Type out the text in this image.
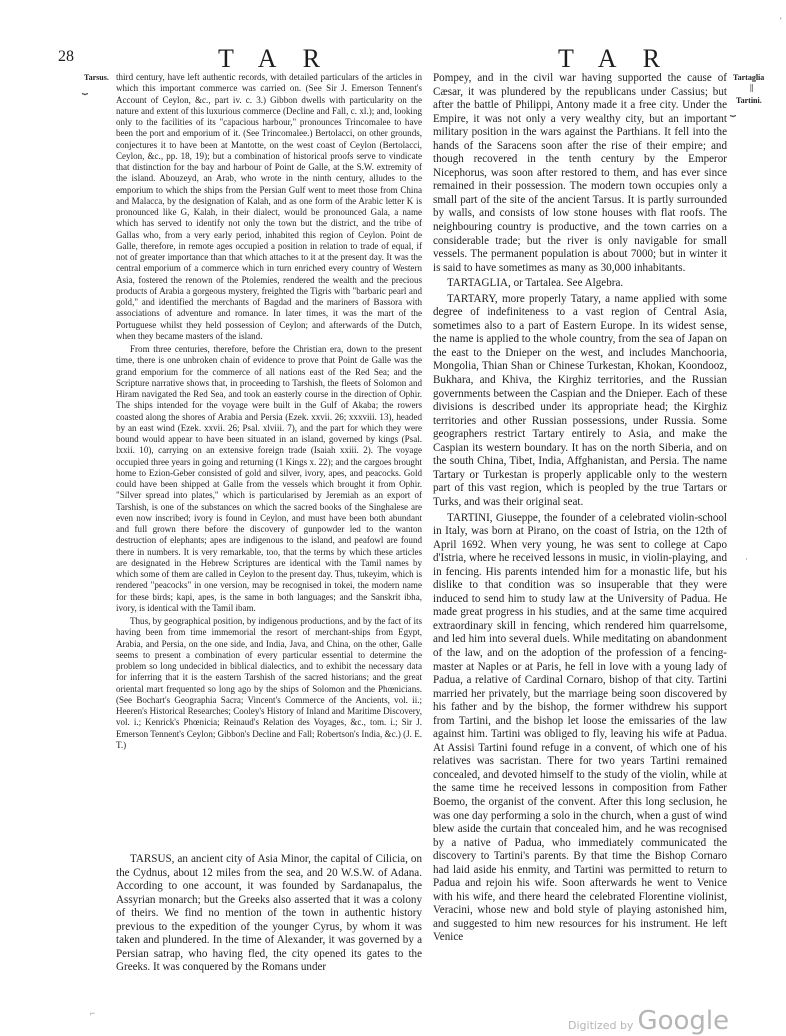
28	TAR	TAR
Tarsus.
⏟
Tartaglia
||
Tartini.
⏟

third century, have left authentic records, with detailed particulars of the articles in which this important commerce was carried on. (See Sir J. Emerson Tennent's Account of Ceylon, &c., part iv. c. 3.) Gibbon dwells with particularity on the nature and extent of this luxurious commerce (Decline and Fall, c. xl.); and, looking only to the facilities of its "capacious harbour," pronounces Trincomalee to have been the port and emporium of it. (See Trincomalee.) Bertolacci, on other grounds, conjectures it to have been at Mantotte, on the west coast of Ceylon (Bertolacci, Ceylon, &c., pp. 18, 19); but a combination of historical proofs serve to vindicate that distinction for the bay and harbour of Point de Galle, at the S.W. extremity of the island. Abouzeyd, an Arab, who wrote in the ninth century, alludes to the emporium to which the ships from the Persian Gulf went to meet those from China and Malacca, by the designation of Kalah, and as one form of the Arabic letter K is pronounced like G, Kalah, in their dialect, would be pronounced Gala, a name which has served to identify not only the town but the district, and the tribe of Gallas who, from a very early period, inhabited this region of Ceylon. Point de Galle, therefore, in remote ages occupied a position in relation to trade of equal, if not of greater importance than that which attaches to it at the present day. It was the central emporium of a commerce which in turn enriched every country of Western Asia, fostered the renown of the Ptolemies, rendered the wealth and the precious products of Arabia a gorgeous mystery, freighted the Tigris with "barbaric pearl and gold," and identified the merchants of Bagdad and the mariners of Bassora with associations of adventure and romance. In later times, it was the mart of the Portuguese whilst they held possession of Ceylon; and afterwards of the Dutch, when they became masters of the island.

From three centuries, therefore, before the Christian era, down to the present time, there is one unbroken chain of evidence to prove that Point de Galle was the grand emporium for the commerce of all nations east of the Red Sea; and the Scripture narrative shows that, in proceeding to Tarshish, the fleets of Solomon and Hiram navigated the Red Sea, and took an easterly course in the direction of Ophir. The ships intended for the voyage were built in the Gulf of Akaba; the rowers coasted along the shores of Arabia and Persia (Ezek. xxvii. 26; xxxviii. 13), headed by an east wind (Ezek. xxvii. 26; Psal. xlviii. 7), and the part for which they were bound would appear to have been situated in an island, governed by kings (Psal. lxxii. 10), carrying on an extensive foreign trade (Isaiah xxiii. 2). The voyage occupied three years in going and returning (1 Kings x. 22); and the cargoes brought home to Ezion-Geber consisted of gold and silver, ivory, apes, and peacocks. Gold could have been shipped at Galle from the vessels which brought it from Ophir. "Silver spread into plates," which is particularised by Jeremiah as an export of Tarshish, is one of the substances on which the sacred books of the Singhalese are even now inscribed; ivory is found in Ceylon, and must have been both abundant and full grown there before the discovery of gunpowder led to the wanton destruction of elephants; apes are indigenous to the island, and peafowl are found there in numbers. It is very remarkable, too, that the terms by which these articles are designated in the Hebrew Scriptures are identical with the Tamil names by which some of them are called in Ceylon to the present day. Thus, tukeyim, which is rendered "peacocks" in one version, may be recognised in tokei, the modern name for these birds; kapi, apes, is the same in both languages; and the Sanskrit ibha, ivory, is identical with the Tamil ibam.

Thus, by geographical position, by indigenous productions, and by the fact of its having been from time immemorial the resort of merchant-ships from Egypt, Arabia, and Persia, on the one side, and India, Java, and China, on the other, Galle seems to present a combination of every particular essential to determine the problem so long undecided in biblical dialectics, and to exhibit the necessary data for inferring that it is the eastern Tarshish of the sacred historians; and the great oriental mart frequented so long ago by the ships of Solomon and the Phœnicians. (See Bochart's Geographia Sacra; Vincent's Commerce of the Ancients, vol. ii.; Heeren's Historical Researches; Cooley's History of Inland and Maritime Discovery, vol. i.; Kenrick's Phœnicia; Reinaud's Relation des Voyages, &c., tom. i.; Sir J. Emerson Tennent's Ceylon; Gibbon's Decline and Fall; Robertson's India, &c.) (J. E. T.)

TARSUS, an ancient city of Asia Minor, the capital of Cilicia, on the Cydnus, about 12 miles from the sea, and 20 W.S.W. of Adana. According to one account, it was founded by Sardanapalus, the Assyrian monarch; but the Greeks also asserted that it was a colony of theirs. We find no mention of the town in authentic history previous to the expedition of the younger Cyrus, by whom it was taken and plundered. In the time of Alexander, it was governed by a Persian satrap, who having fled, the city opened its gates to the Greeks. It was conquered by the Romans under

Pompey, and in the civil war having supported the cause of Cæsar, it was plundered by the republicans under Cassius; but after the battle of Philippi, Antony made it a free city. Under the Empire, it was not only a very wealthy city, but an important military position in the wars against the Parthians. It fell into the hands of the Saracens soon after the rise of their empire; and though recovered in the tenth century by the Emperor Nicephorus, was soon after restored to them, and has ever since remained in their possession. The modern town occupies only a small part of the site of the ancient Tarsus. It is partly surrounded by walls, and consists of low stone houses with flat roofs. The neighbouring country is productive, and the town carries on a considerable trade; but the river is only navigable for small vessels. The permanent population is about 7000; but in winter it is said to have sometimes as many as 30,000 inhabitants.

TARTAGLIA, or Tartalea. See Algebra.

TARTARY, more properly Tatary, a name applied with some degree of indefiniteness to a vast region of Central Asia, sometimes also to a part of Eastern Europe. In its widest sense, the name is applied to the whole country, from the sea of Japan on the east to the Dnieper on the west, and includes Manchooria, Mongolia, Thian Shan or Chinese Turkestan, Khokan, Koondooz, Bukhara, and Khiva, the Kirghiz territories, and the Russian governments between the Caspian and the Dnieper. Each of these divisions is described under its appropriate head; the Kirghiz territories and other Russian possessions, under Russia. Some geographers restrict Tartary entirely to Asia, and make the Caspian its western boundary. It has on the north Siberia, and on the south China, Tibet, India, Affghanistan, and Persia. The name Tartary or Turkestan is properly applicable only to the western part of this vast region, which is peopled by the true Tartars or Turks, and was their original seat.

TARTINI, Giuseppe, the founder of a celebrated violin-school in Italy, was born at Pirano, on the coast of Istria, on the 12th of April 1692. When very young, he was sent to college at Capo d'Istria, where he received lessons in music, in violin-playing, and in fencing. His parents intended him for a monastic life, but his dislike to that condition was so insuperable that they were induced to send him to study law at the University of Padua. He made great progress in his studies, and at the same time acquired extraordinary skill in fencing, which rendered him quarrelsome, and led him into several duels. While meditating on abandonment of the law, and on the adoption of the profession of a fencing-master at Naples or at Paris, he fell in love with a young lady of Padua, a relative of Cardinal Cornaro, bishop of that city. Tartini married her privately, but the marriage being soon discovered by his father and by the bishop, the former withdrew his support from Tartini, and the bishop let loose the emissaries of the law against him. Tartini was obliged to fly, leaving his wife at Padua. At Assisi Tartini found refuge in a convent, of which one of his relatives was sacristan. There for two years Tartini remained concealed, and devoted himself to the study of the violin, while at the same time he received lessons in composition from Father Boemo, the organist of the convent. After this long seclusion, he was one day performing a solo in the church, when a gust of wind blew aside the curtain that concealed him, and he was recognised by a native of Padua, who immediately communicated the discovery to Tartini's parents. By that time the Bishop Cornaro had laid aside his enmity, and Tartini was permitted to return to Padua and rejoin his wife. Soon afterwards he went to Venice with his wife, and there heard the celebrated Florentine violinist, Veracini, whose new and bold style of playing astonished him, and suggested to him new resources for his instrument. He left Venice

'
·
⌐
Digitized by Google
